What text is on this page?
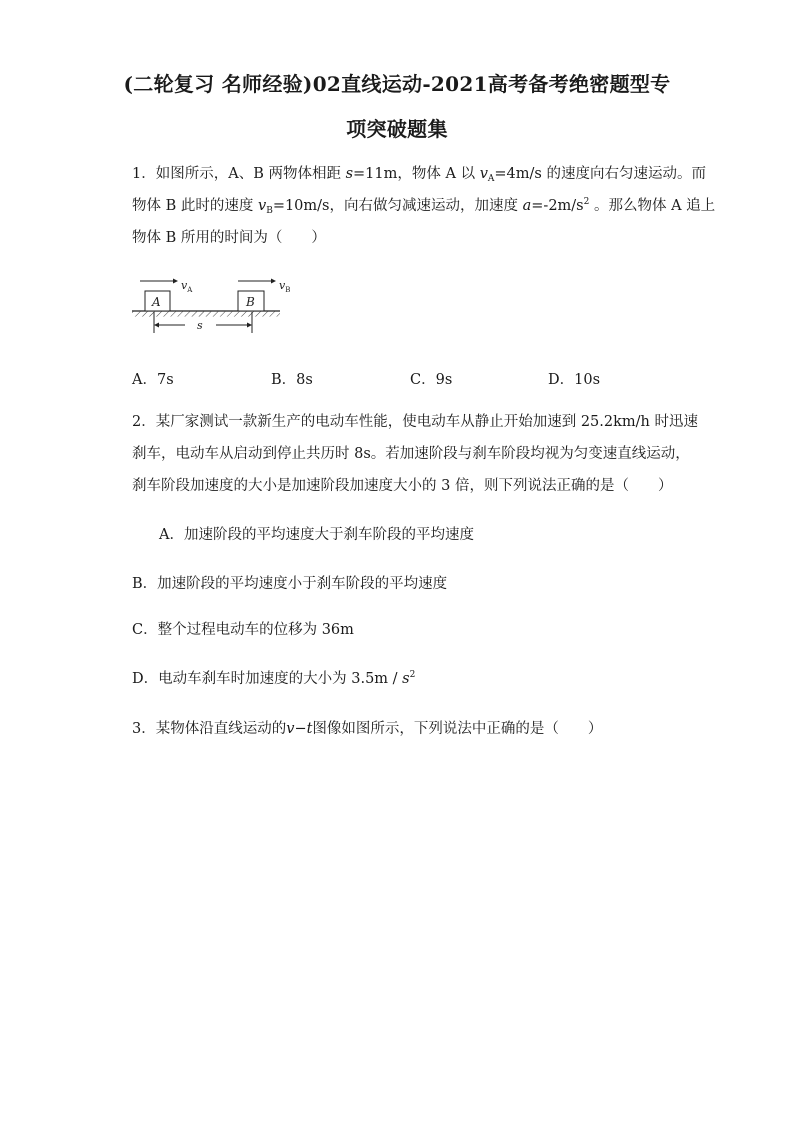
(二轮复习 名师经验)02直线运动-2021高考备考绝密题型专
项突破题集
1．如图所示，A、B 两物体相距 s=11m，物体 A 以 $v_A=4m/s$ 的速度向右匀速运动。而
物体 B 此时的速度 $v_B=10m/s$，向右做匀减速运动，加速度 $a=-2m/s^2$ 。那么物体 A 追上
物体 B 所用的时间为（　　）
A	B
$v_A$	$v_B$
s
A．7s	B．8s	C．9s	D．10s
2．某厂家测试一款新生产的电动车性能，使电动车从静止开始加速到 25.2km/h 时迅速
刹车，电动车从启动到停止共历时 8s。若加速阶段与刹车阶段均视为匀变速直线运动，
刹车阶段加速度的大小是加速阶段加速度大小的 3 倍，则下列说法正确的是（　　）
A．加速阶段的平均速度大于刹车阶段的平均速度
B．加速阶段的平均速度小于刹车阶段的平均速度
C．整个过程电动车的位移为 36m
D．电动车刹车时加速度的大小为 $3.5m / s^2$
3．某物体沿直线运动的v−t图像如图所示，下列说法中正确的是（　　）
